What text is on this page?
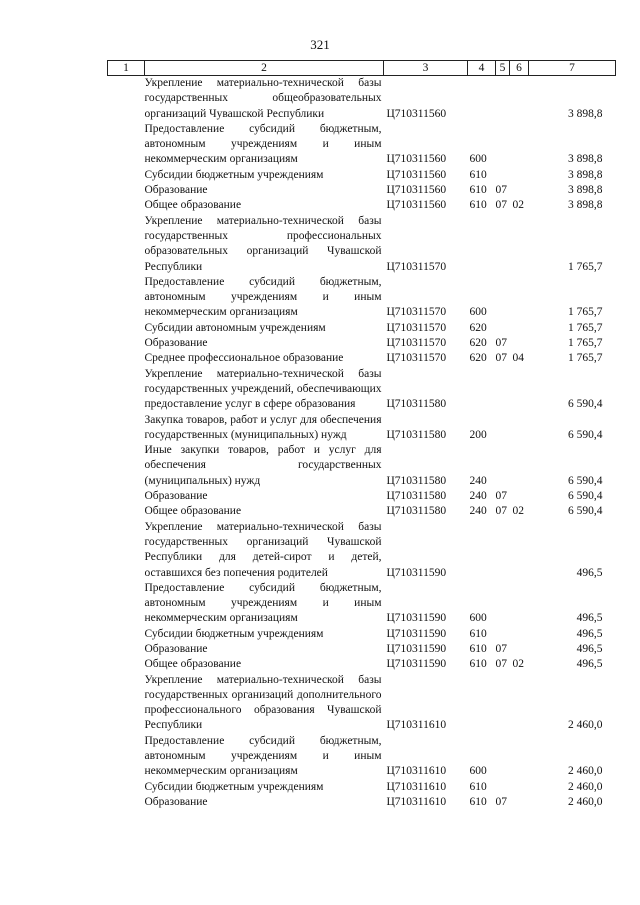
321
1	2	3	4	5	6	7
	Укрепление материально-технической базы государственных общеобразовательных организаций Чувашской Республики	Ц710311560				3 898,8
	Предоставление субсидий бюджетным, автономным учреждениям и иным некоммерческим организациям	Ц710311560	600			3 898,8
	Субсидии бюджетным учреждениям	Ц710311560	610			3 898,8
	Образование	Ц710311560	610	07		3 898,8
	Общее образование	Ц710311560	610	07	02	3 898,8
	Укрепление материально-технической базы государственных профессиональных образовательных организаций Чувашской Республики	Ц710311570				1 765,7
	Предоставление субсидий бюджетным, автономным учреждениям и иным некоммерческим организациям	Ц710311570	600			1 765,7
	Субсидии автономным учреждениям	Ц710311570	620			1 765,7
	Образование	Ц710311570	620	07		1 765,7
	Среднее профессиональное образование	Ц710311570	620	07	04	1 765,7
	Укрепление материально-технической базы государственных учреждений, обеспечивающих предоставление услуг в сфере образования	Ц710311580				6 590,4
	Закупка товаров, работ и услуг для обеспечения государственных (муниципальных) нужд	Ц710311580	200			6 590,4
	Иные закупки товаров, работ и услуг для обеспечения государственных (муниципальных) нужд	Ц710311580	240			6 590,4
	Образование	Ц710311580	240	07		6 590,4
	Общее образование	Ц710311580	240	07	02	6 590,4
	Укрепление материально-технической базы государственных организаций Чувашской Республики для детей-сирот и детей, оставшихся без попечения родителей	Ц710311590				496,5
	Предоставление субсидий бюджетным, автономным учреждениям и иным некоммерческим организациям	Ц710311590	600			496,5
	Субсидии бюджетным учреждениям	Ц710311590	610			496,5
	Образование	Ц710311590	610	07		496,5
	Общее образование	Ц710311590	610	07	02	496,5
	Укрепление материально-технической базы государственных организаций дополнительного профессионального образования Чувашской Республики	Ц710311610				2 460,0
	Предоставление субсидий бюджетным, автономным учреждениям и иным некоммерческим организациям	Ц710311610	600			2 460,0
	Субсидии бюджетным учреждениям	Ц710311610	610			2 460,0
	Образование	Ц710311610	610	07		2 460,0
